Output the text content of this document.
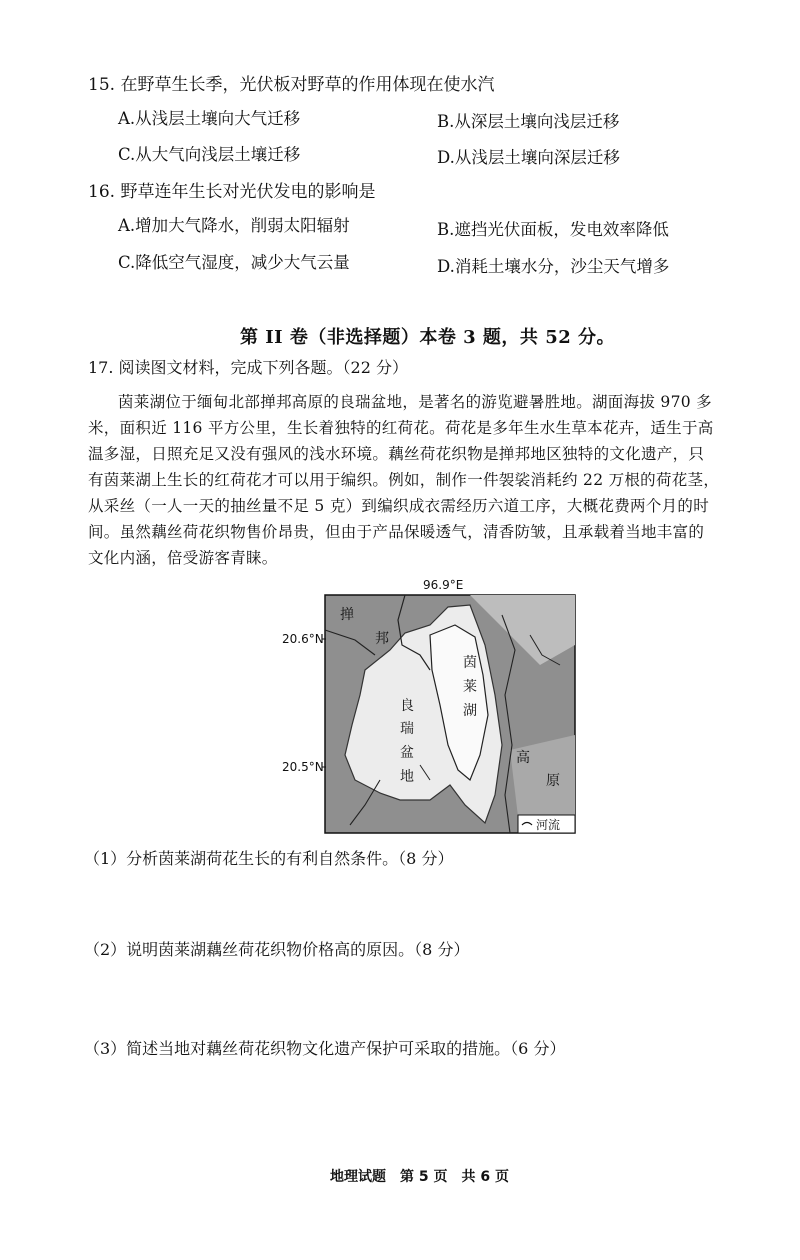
15. 在野草生长季，光伏板对野草的作用体现在使水汽
A.从浅层土壤向大气迁移	B.从深层土壤向浅层迁移
C.从大气向浅层土壤迁移	D.从浅层土壤向深层迁移
16. 野草连年生长对光伏发电的影响是
A.增加大气降水，削弱太阳辐射	B.遮挡光伏面板，发电效率降低
C.降低空气湿度，减少大气云量	D.消耗土壤水分，沙尘天气增多
第 II 卷（非选择题）本卷 3 题，共 52 分。
17. 阅读图文材料，完成下列各题。（22 分）
茵莱湖位于缅甸北部掸邦高原的良瑞盆地，是著名的游览避暑胜地。湖面海拔 970 多
米，面积近 116 平方公里，生长着独特的红荷花。荷花是多年生水生草本花卉，适生于高
温多湿，日照充足又没有强风的浅水环境。藕丝荷花织物是掸邦地区独特的文化遗产，只
有茵莱湖上生长的红荷花才可以用于编织。例如，制作一件袈裟消耗约 22 万根的荷花茎，
从采丝（一人一天的抽丝量不足 5 克）到编织成衣需经历六道工序，大概花费两个月的时
间。虽然藕丝荷花织物售价昂贵，但由于产品保暖透气，清香防皱，且承载着当地丰富的
文化内涵，倍受游客青睐。
96.9°E
20.6°N
20.5°N
掸
邦
高
原
良
瑞
盆
地
茵
莱
湖
河流
（1）分析茵莱湖荷花生长的有利自然条件。（8 分）
（2）说明茵莱湖藕丝荷花织物价格高的原因。（8 分）
（3）简述当地对藕丝荷花织物文化遗产保护可采取的措施。（6 分）
地理试题　第 5 页　共 6 页
